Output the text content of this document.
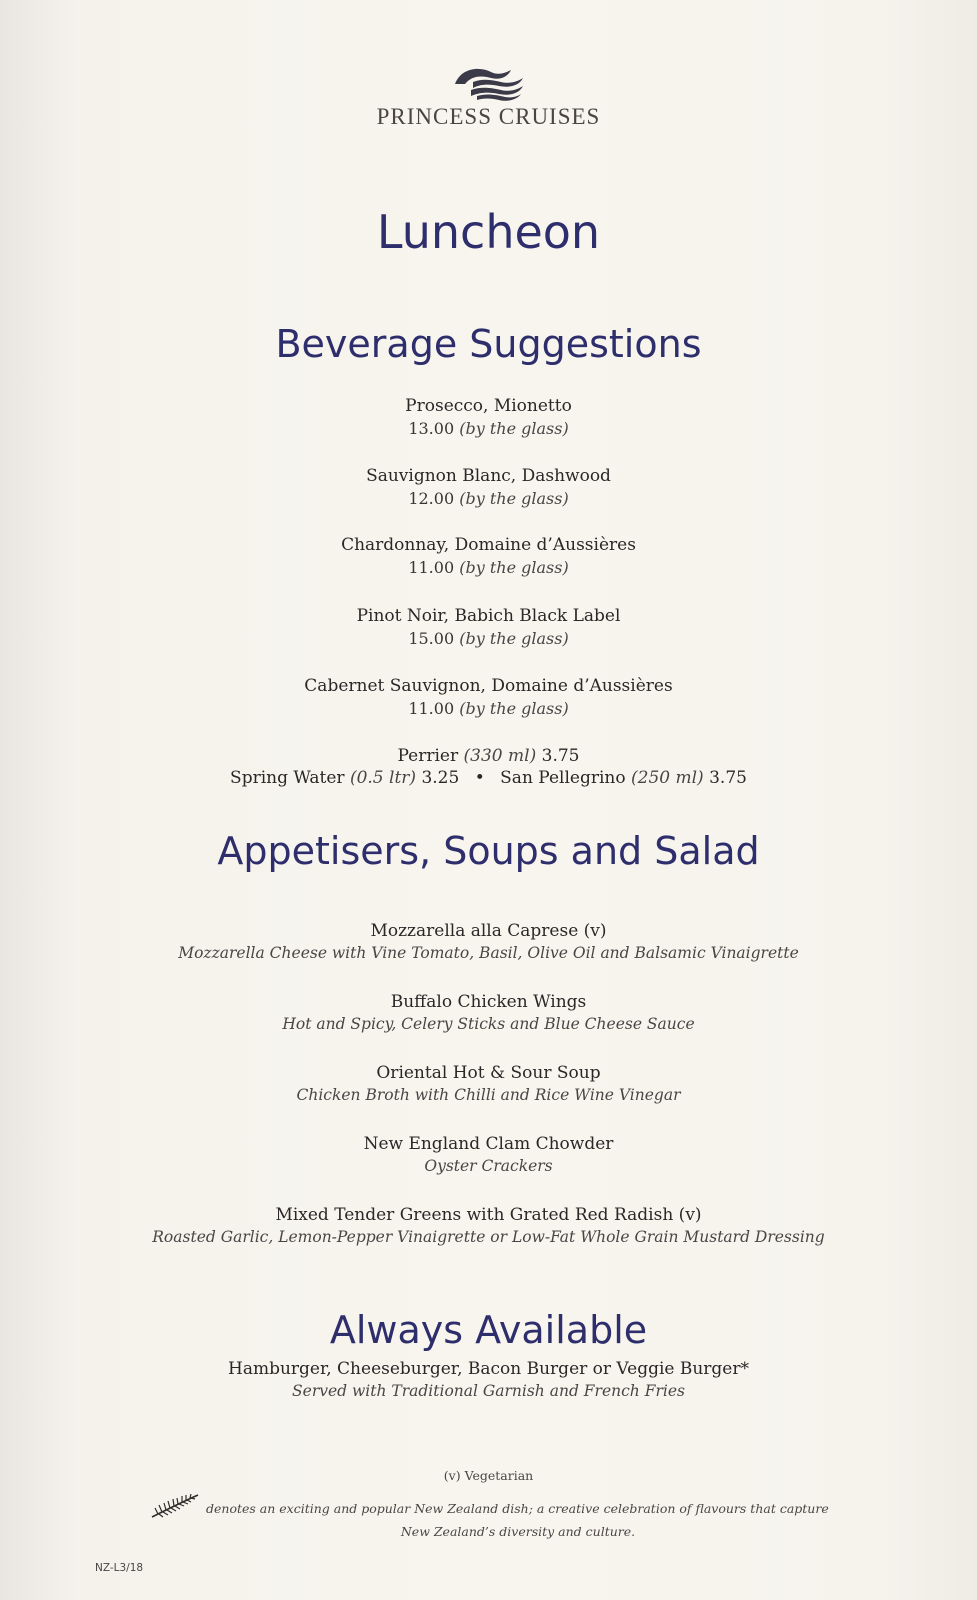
PRINCESS CRUISES
Luncheon
Beverage Suggestions
Prosecco, Mionetto
13.00 (by the glass)
Sauvignon Blanc, Dashwood
12.00 (by the glass)
Chardonnay, Domaine d’Aussières
11.00 (by the glass)
Pinot Noir, Babich Black Label
15.00 (by the glass)
Cabernet Sauvignon, Domaine d’Aussières
11.00 (by the glass)
Perrier (330 ml) 3.75
Spring Water (0.5 ltr) 3.25 • San Pellegrino (250 ml) 3.75
Appetisers, Soups and Salad
Mozzarella alla Caprese (v)
Mozzarella Cheese with Vine Tomato, Basil, Olive Oil and Balsamic Vinaigrette
Buffalo Chicken Wings
Hot and Spicy, Celery Sticks and Blue Cheese Sauce
Oriental Hot & Sour Soup
Chicken Broth with Chilli and Rice Wine Vinegar
New England Clam Chowder
Oyster Crackers
Mixed Tender Greens with Grated Red Radish (v)
Roasted Garlic, Lemon-Pepper Vinaigrette or Low-Fat Whole Grain Mustard Dressing
Always Available
Hamburger, Cheeseburger, Bacon Burger or Veggie Burger*
Served with Traditional Garnish and French Fries
(v) Vegetarian
denotes an exciting and popular New Zealand dish; a creative celebration of flavours that capture
New Zealand’s diversity and culture.
NZ-L3/18
